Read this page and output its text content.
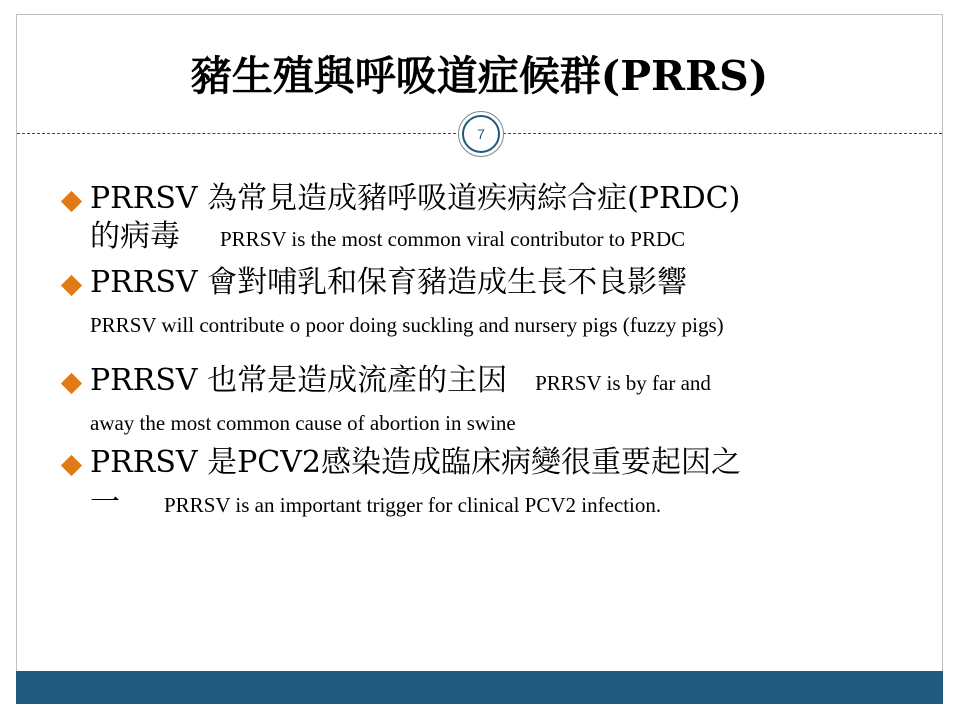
豬生殖與呼吸道症候群(PRRS)
7
PRRSV 為常見造成豬呼吸道疾病綜合症(PRDC)
的病毒 PRRSV is the most common viral contributor to PRDC
PRRSV 會對哺乳和保育豬造成生長不良影響
PRRSV will contribute o poor doing suckling and nursery pigs (fuzzy pigs)
PRRSV 也常是造成流產的主因 PRRSV is by far and
away the most common cause of abortion in swine
PRRSV 是PCV2感染造成臨床病變很重要起因之
一 PRRSV is an important trigger for clinical PCV2 infection.
